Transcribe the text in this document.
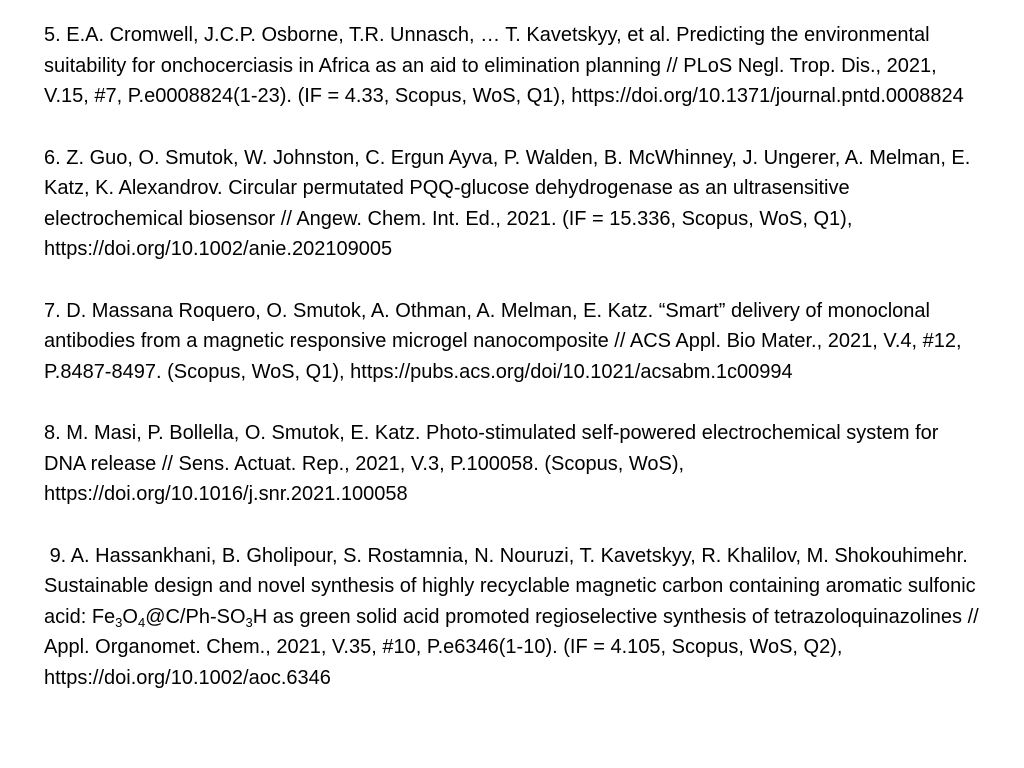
5. E.A. Cromwell, J.C.P. Osborne, T.R. Unnasch, … T. Kavetskyy, et al. Predicting the environmental suitability for onchocerciasis in Africa as an aid to elimination planning // PLoS Negl. Trop. Dis., 2021, V.15, #7, P.e0008824(1-23). (IF = 4.33, Scopus, WoS, Q1), https://doi.org/10.1371/journal.pntd.0008824

6. Z. Guo, O. Smutok, W. Johnston, C. Ergun Ayva, P. Walden, B. McWhinney, J. Ungerer, A. Melman, E. Katz, K. Alexandrov. Circular permutated PQQ-glucose dehydrogenase as an ultrasensitive electrochemical biosensor // Angew. Chem. Int. Ed., 2021. (IF = 15.336, Scopus, WoS, Q1), https://doi.org/10.1002/anie.202109005

7. D. Massana Roquero, O. Smutok, A. Othman, A. Melman, E. Katz. “Smart” delivery of monoclonal antibodies from a magnetic responsive microgel nanocomposite // ACS Appl. Bio Mater., 2021, V.4, #12, P.8487-8497. (Scopus, WoS, Q1), https://pubs.acs.org/doi/10.1021/acsabm.1c00994

8. M. Masi, P. Bollella, O. Smutok, E. Katz. Photo-stimulated self-powered electrochemical system for DNA release // Sens. Actuat. Rep., 2021, V.3, P.100058. (Scopus, WoS), https://doi.org/10.1016/j.snr.2021.100058

9. A. Hassankhani, B. Gholipour, S. Rostamnia, N. Nouruzi, T. Kavetskyy, R. Khalilov, M. Shokouhimehr. Sustainable design and novel synthesis of highly recyclable magnetic carbon containing aromatic sulfonic acid: $Fe_3O_4@C/Ph-SO_3H$ as green solid acid promoted regioselective synthesis of tetrazoloquinazolines // Appl. Organomet. Chem., 2021, V.35, #10, P.e6346(1-10). (IF = 4.105, Scopus, WoS, Q2), https://doi.org/10.1002/aoc.6346
